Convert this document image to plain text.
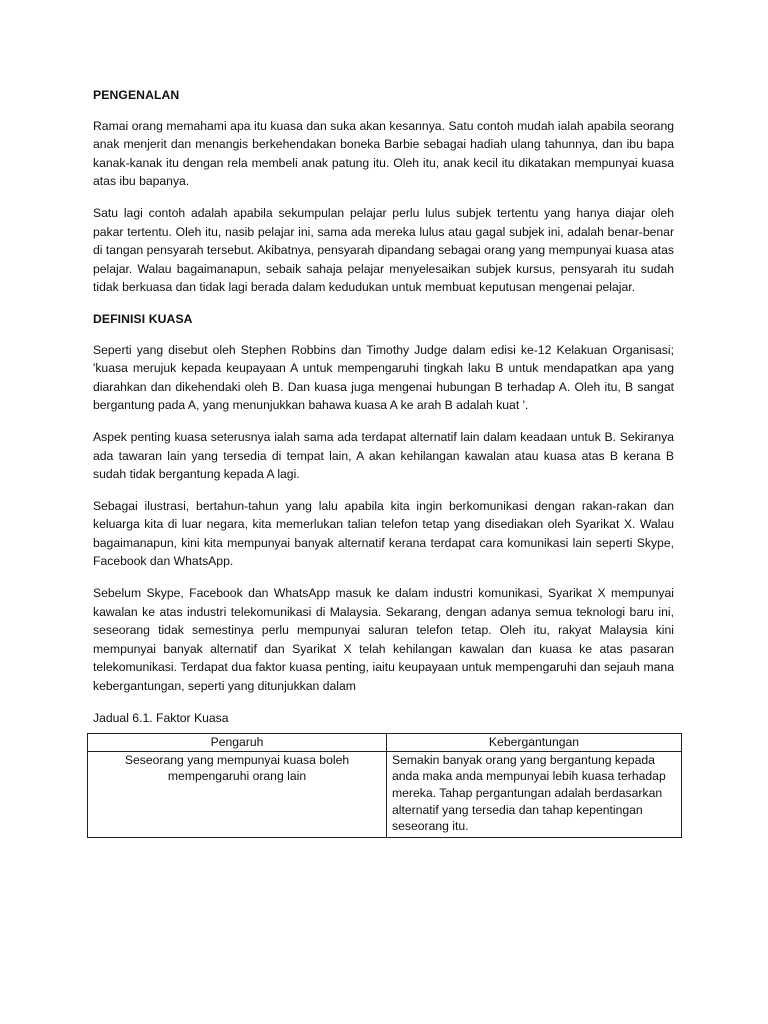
PENGENALAN

Ramai orang memahami apa itu kuasa dan suka akan kesannya. Satu contoh mudah ialah apabila seorang anak menjerit dan menangis berkehendakan boneka Barbie sebagai hadiah ulang tahunnya, dan ibu bapa kanak-kanak itu dengan rela membeli anak patung itu. Oleh itu, anak kecil itu dikatakan mempunyai kuasa atas ibu bapanya.

Satu lagi contoh adalah apabila sekumpulan pelajar perlu lulus subjek tertentu yang hanya diajar oleh pakar tertentu. Oleh itu, nasib pelajar ini, sama ada mereka lulus atau gagal subjek ini, adalah benar-benar di tangan pensyarah tersebut. Akibatnya, pensyarah dipandang sebagai orang yang mempunyai kuasa atas pelajar. Walau bagaimanapun, sebaik sahaja pelajar menyelesaikan subjek kursus, pensyarah itu sudah tidak berkuasa dan tidak lagi berada dalam kedudukan untuk membuat keputusan mengenai pelajar.

DEFINISI KUASA

Seperti yang disebut oleh Stephen Robbins dan Timothy Judge dalam edisi ke-12 Kelakuan Organisasi; 'kuasa merujuk kepada keupayaan A untuk mempengaruhi tingkah laku B untuk mendapatkan apa yang diarahkan dan dikehendaki oleh B. Dan kuasa juga mengenai hubungan B terhadap A. Oleh itu, B sangat bergantung pada A, yang menunjukkan bahawa kuasa A ke arah B adalah kuat '.

Aspek penting kuasa seterusnya ialah sama ada terdapat alternatif lain dalam keadaan untuk B. Sekiranya ada tawaran lain yang tersedia di tempat lain, A akan kehilangan kawalan atau kuasa atas B kerana B sudah tidak bergantung kepada A lagi.

Sebagai ilustrasi, bertahun-tahun yang lalu apabila kita ingin berkomunikasi dengan rakan-rakan dan keluarga kita di luar negara, kita memerlukan talian telefon tetap yang disediakan oleh Syarikat X. Walau bagaimanapun, kini kita mempunyai banyak alternatif kerana terdapat cara komunikasi lain seperti Skype, Facebook dan WhatsApp.

Sebelum Skype, Facebook dan WhatsApp masuk ke dalam industri komunikasi, Syarikat X mempunyai kawalan ke atas industri telekomunikasi di Malaysia. Sekarang, dengan adanya semua teknologi baru ini, seseorang tidak semestinya perlu mempunyai saluran telefon tetap. Oleh itu, rakyat Malaysia kini mempunyai banyak alternatif dan Syarikat X telah kehilangan kawalan dan kuasa ke atas pasaran telekomunikasi. Terdapat dua faktor kuasa penting, iaitu keupayaan untuk mempengaruhi dan sejauh mana kebergantungan, seperti yang ditunjukkan dalam

Jadual 6.1. Faktor Kuasa
Pengaruh	Kebergantungan
Seseorang yang mempunyai kuasa boleh mempengaruhi orang lain	Semakin banyak orang yang bergantung kepada anda maka anda mempunyai lebih kuasa terhadap mereka. Tahap pergantungan adalah berdasarkan alternatif yang tersedia dan tahap kepentingan seseorang itu.
